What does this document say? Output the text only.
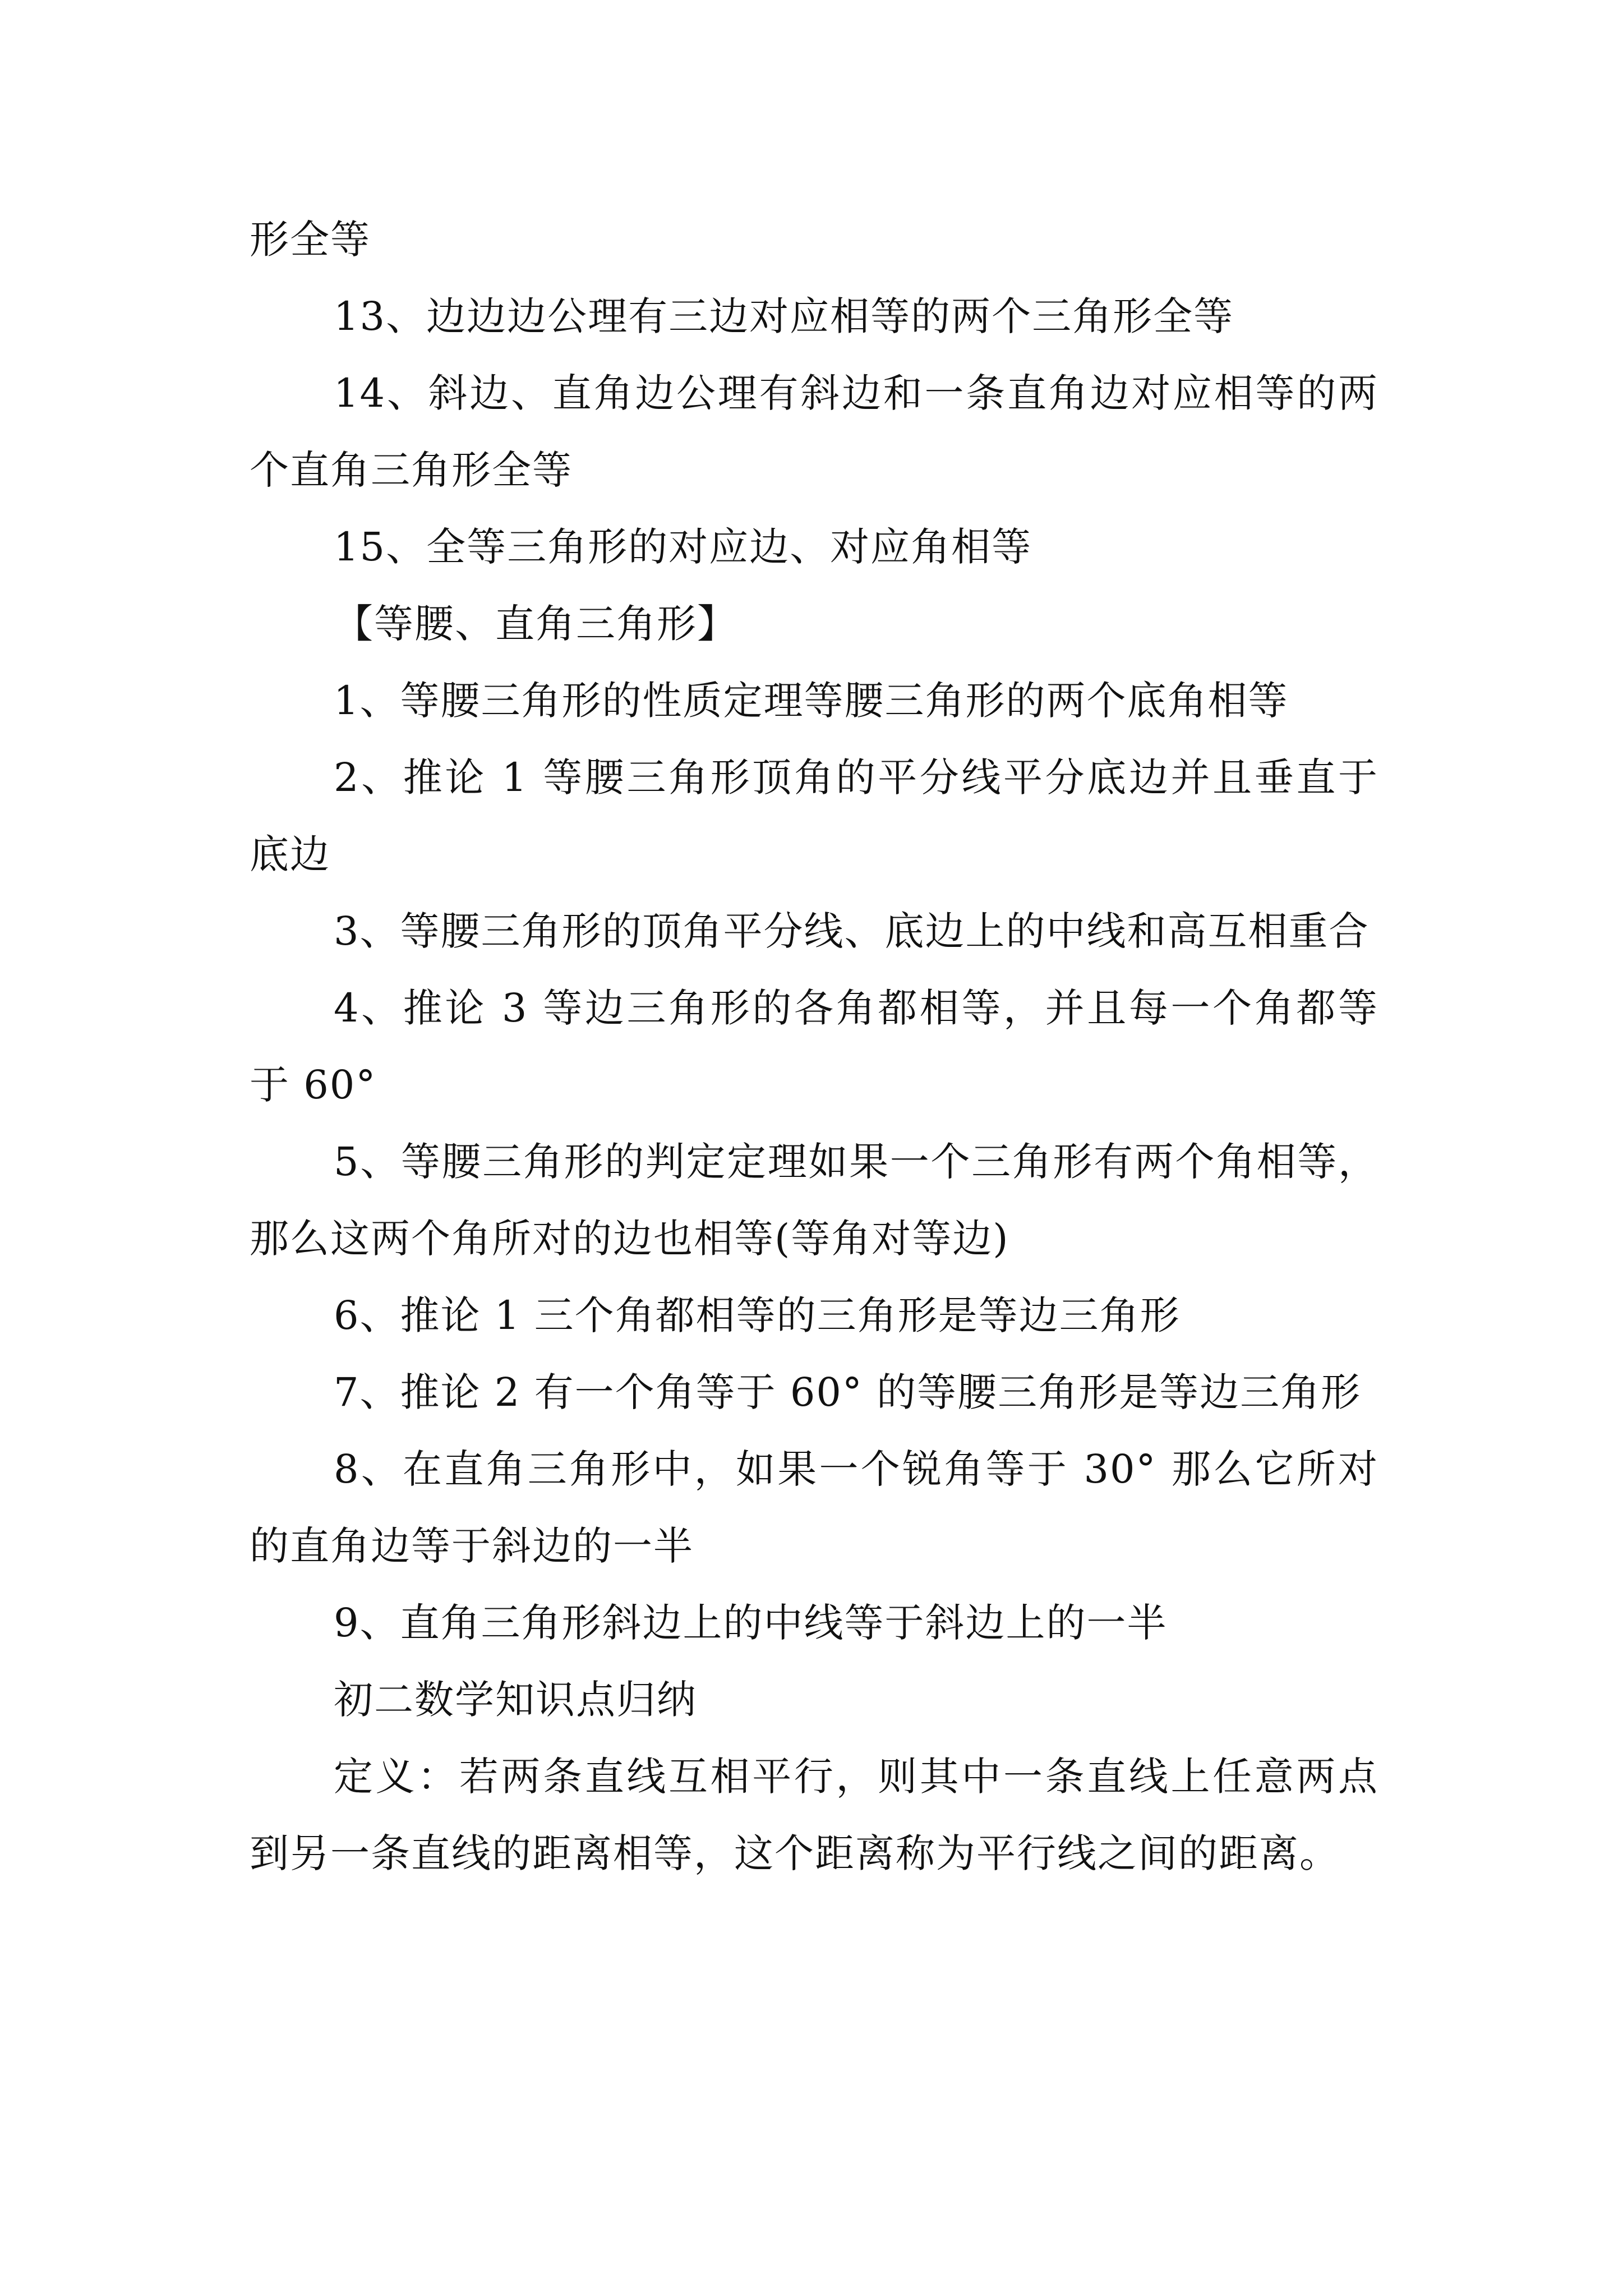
形全等

13、边边边公理有三边对应相等的两个三角形全等

14、斜边、直角边公理有斜边和一条直角边对应相等的两个直角三角形全等

15、全等三角形的对应边、对应角相等

【等腰、直角三角形】

1、等腰三角形的性质定理等腰三角形的两个底角相等

2、推论 1 等腰三角形顶角的平分线平分底边并且垂直于底边

3、等腰三角形的顶角平分线、底边上的中线和高互相重合

4、推论 3 等边三角形的各角都相等，并且每一个角都等于 60°

5、等腰三角形的判定定理如果一个三角形有两个角相等，那么这两个角所对的边也相等(等角对等边)

6、推论 1 三个角都相等的三角形是等边三角形

7、推论 2 有一个角等于 60° 的等腰三角形是等边三角形

8、在直角三角形中，如果一个锐角等于 30° 那么它所对的直角边等于斜边的一半

9、直角三角形斜边上的中线等于斜边上的一半

初二数学知识点归纳

定义：若两条直线互相平行，则其中一条直线上任意两点到另一条直线的距离相等，这个距离称为平行线之间的距离。
